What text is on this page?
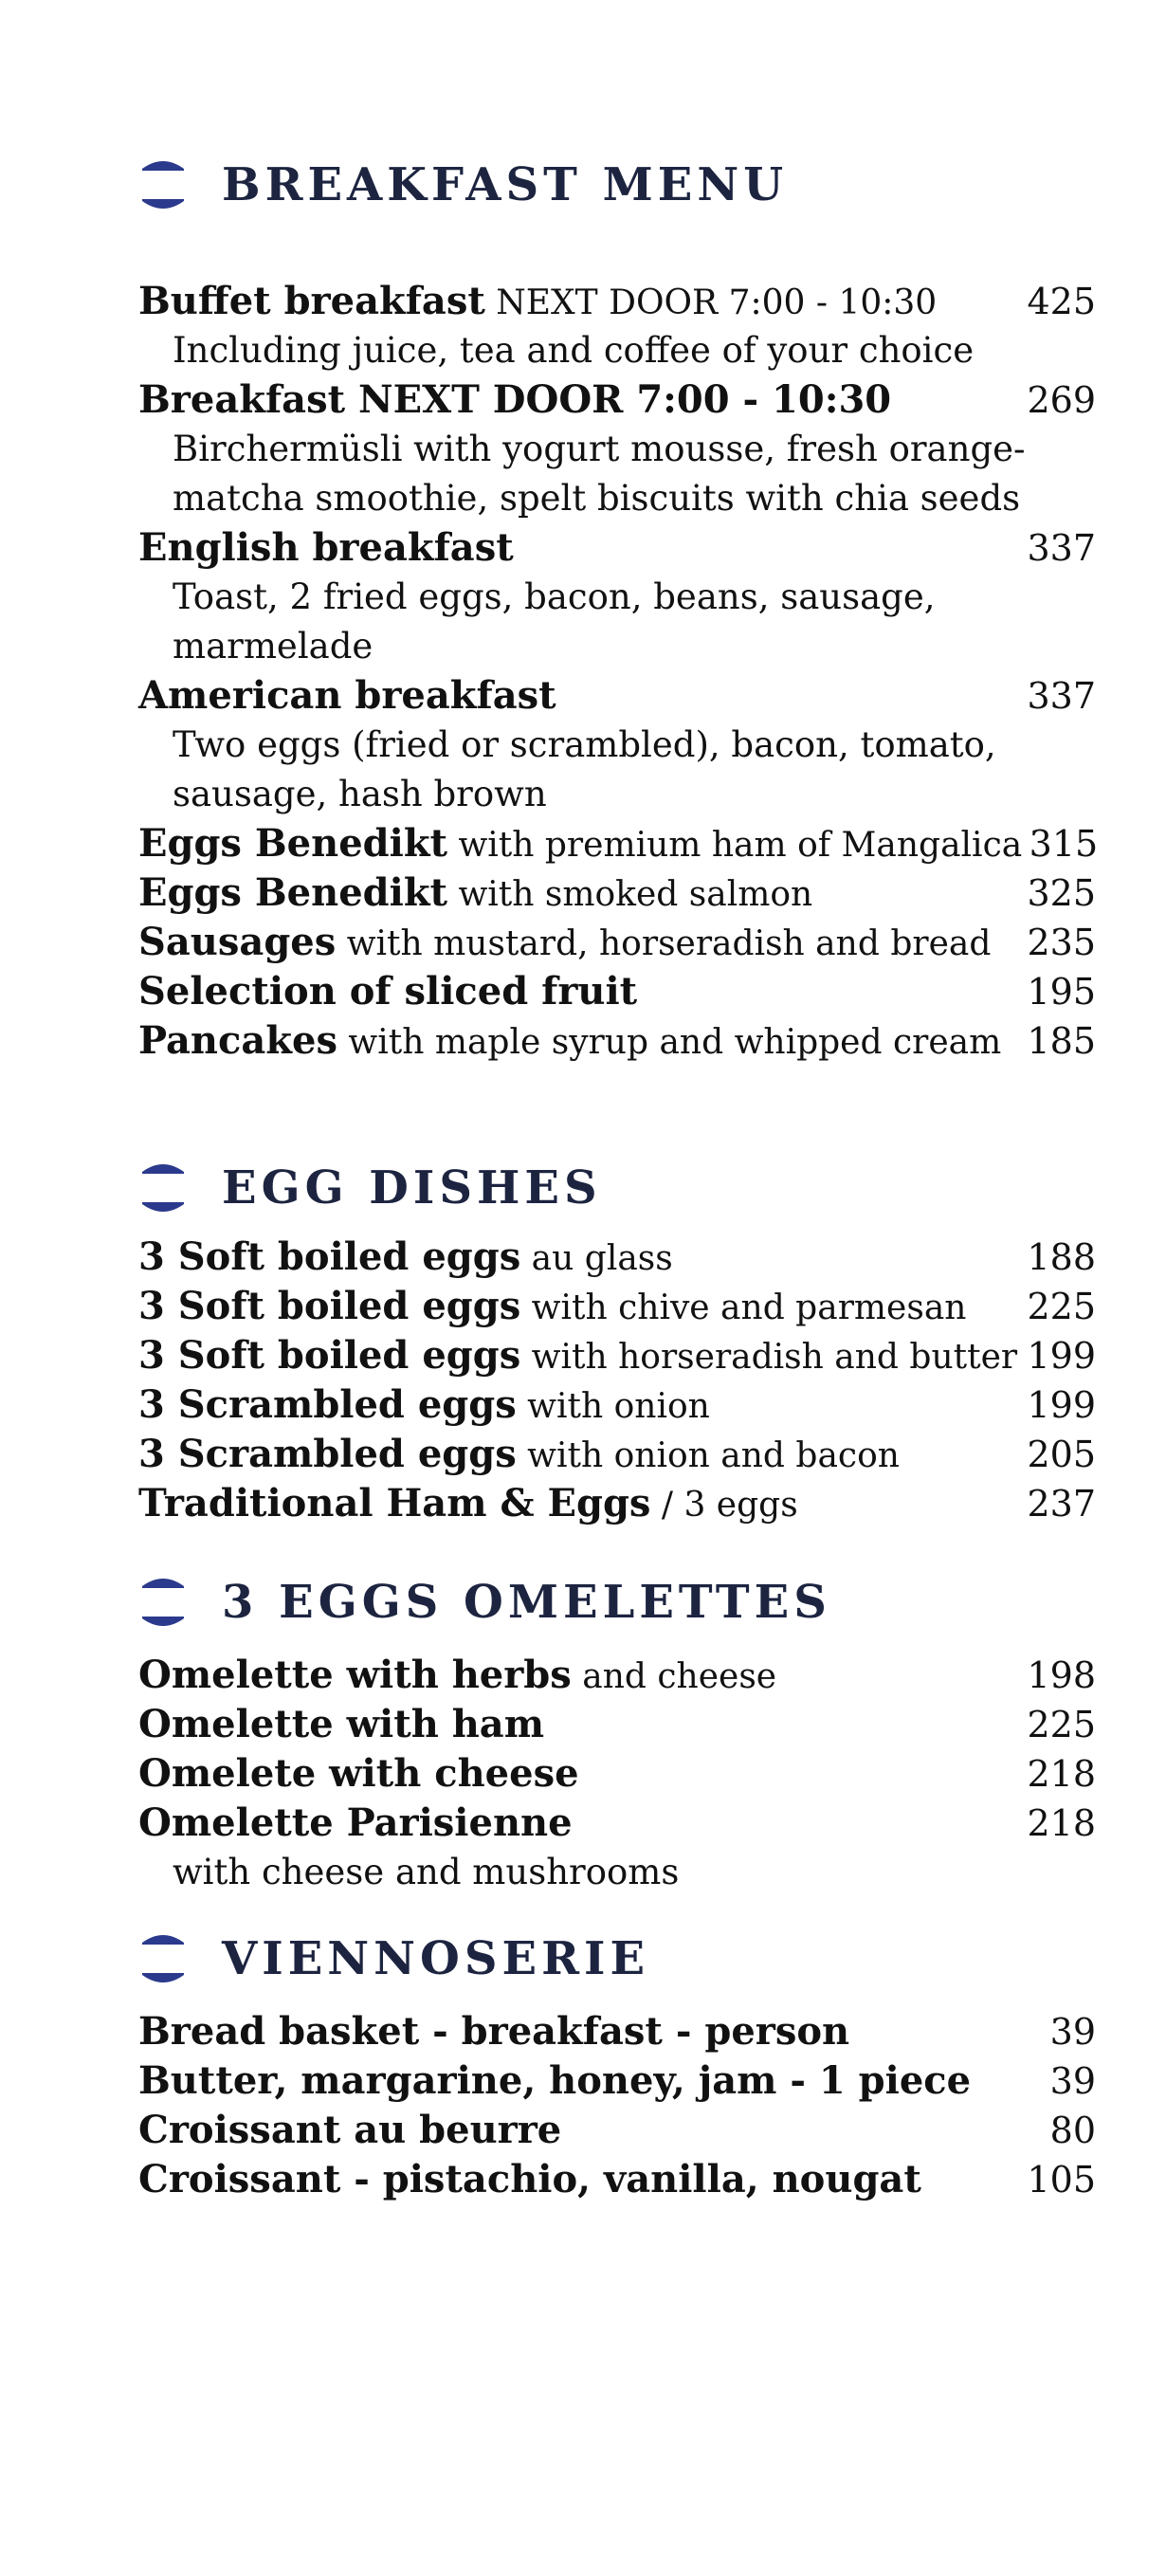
BREAKFAST MENU
Buffet breakfast NEXT DOOR 7:00 - 10:30	425
Including juice, tea and coffee of your choice
Breakfast NEXT DOOR 7:00 - 10:30	269
Birchermüsli with yogurt mousse, fresh orange-
matcha smoothie, spelt biscuits with chia seeds
English breakfast	337
Toast, 2 fried eggs, bacon, beans, sausage,
marmelade
American breakfast	337
Two eggs (fried or scrambled), bacon, tomato,
sausage, hash brown
Eggs Benedikt with premium ham of Mangalica 315
Eggs Benedikt with smoked salmon	325
Sausages with mustard, horseradish and bread 235
Selection of sliced fruit	195
Pancakes with maple syrup and whipped cream 185
EGG DISHES
3 Soft boiled eggs au glass	188
3 Soft boiled eggs with chive and parmesan 225
3 Soft boiled eggs with horseradish and butter 199
3 Scrambled eggs with onion	199
3 Scrambled eggs with onion and bacon	205
Traditional Ham & Eggs / 3 eggs	237
3 EGGS OMELETTES
Omelette with herbs and cheese	198
Omelette with ham	225
Omelete with cheese	218
Omelette Parisienne	218
with cheese and mushrooms
VIENNOSERIE
Bread basket - breakfast - person	39
Butter, margarine, honey, jam - 1 piece	39
Croissant au beurre	80
Croissant - pistachio, vanilla, nougat	105
